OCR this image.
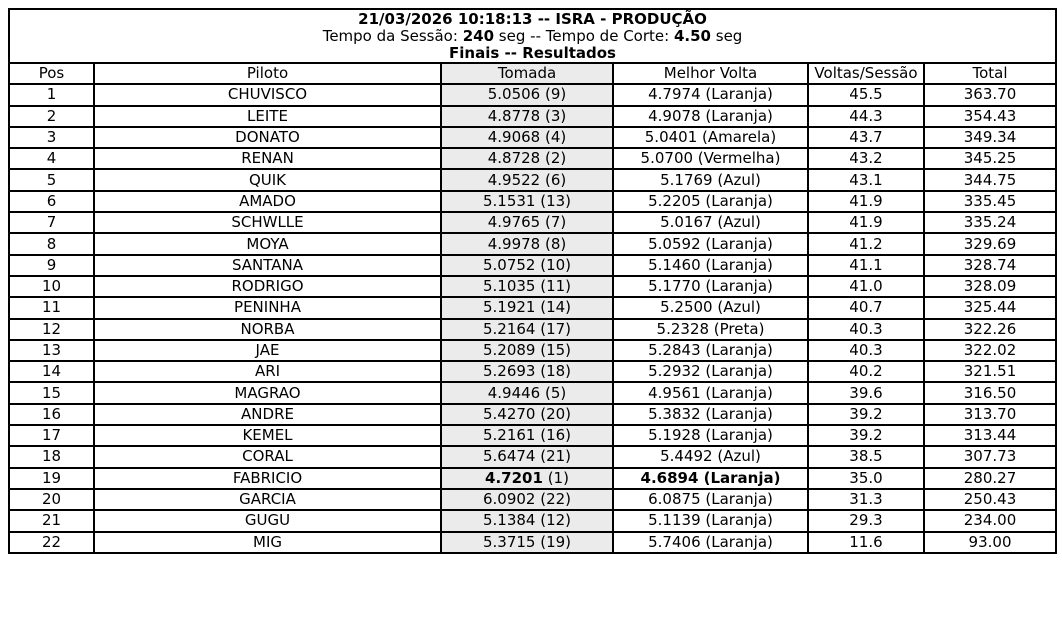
21/03/2026 10:18:13 -- ISRA - PRODUÇÃO
Tempo da Sessão: 240 seg -- Tempo de Corte: 4.50 seg
Finais -- Resultados					

Pos	Piloto	Tomada	Melhor Volta	Voltas/Sessão	Total
1	CHUVISCO	5.0506 (9)	4.7974 (Laranja)	45.5	363.70
2	LEITE	4.8778 (3)	4.9078 (Laranja)	44.3	354.43
3	DONATO	4.9068 (4)	5.0401 (Amarela)	43.7	349.34
4	RENAN	4.8728 (2)	5.0700 (Vermelha)	43.2	345.25
5	QUIK	4.9522 (6)	5.1769 (Azul)	43.1	344.75
6	AMADO	5.1531 (13)	5.2205 (Laranja)	41.9	335.45
7	SCHWLLE	4.9765 (7)	5.0167 (Azul)	41.9	335.24
8	MOYA	4.9978 (8)	5.0592 (Laranja)	41.2	329.69
9	SANTANA	5.0752 (10)	5.1460 (Laranja)	41.1	328.74
10	RODRIGO	5.1035 (11)	5.1770 (Laranja)	41.0	328.09
11	PENINHA	5.1921 (14)	5.2500 (Azul)	40.7	325.44
12	NORBA	5.2164 (17)	5.2328 (Preta)	40.3	322.26
13	JAE	5.2089 (15)	5.2843 (Laranja)	40.3	322.02
14	ARI	5.2693 (18)	5.2932 (Laranja)	40.2	321.51
15	MAGRAO	4.9446 (5)	4.9561 (Laranja)	39.6	316.50
16	ANDRE	5.4270 (20)	5.3832 (Laranja)	39.2	313.70
17	KEMEL	5.2161 (16)	5.1928 (Laranja)	39.2	313.44
18	CORAL	5.6474 (21)	5.4492 (Azul)	38.5	307.73
19	FABRICIO	4.7201 (1)	4.6894 (Laranja)	35.0	280.27
20	GARCIA	6.0902 (22)	6.0875 (Laranja)	31.3	250.43
21	GUGU	5.1384 (12)	5.1139 (Laranja)	29.3	234.00
22	MIG	5.3715 (19)	5.7406 (Laranja)	11.6	93.00
